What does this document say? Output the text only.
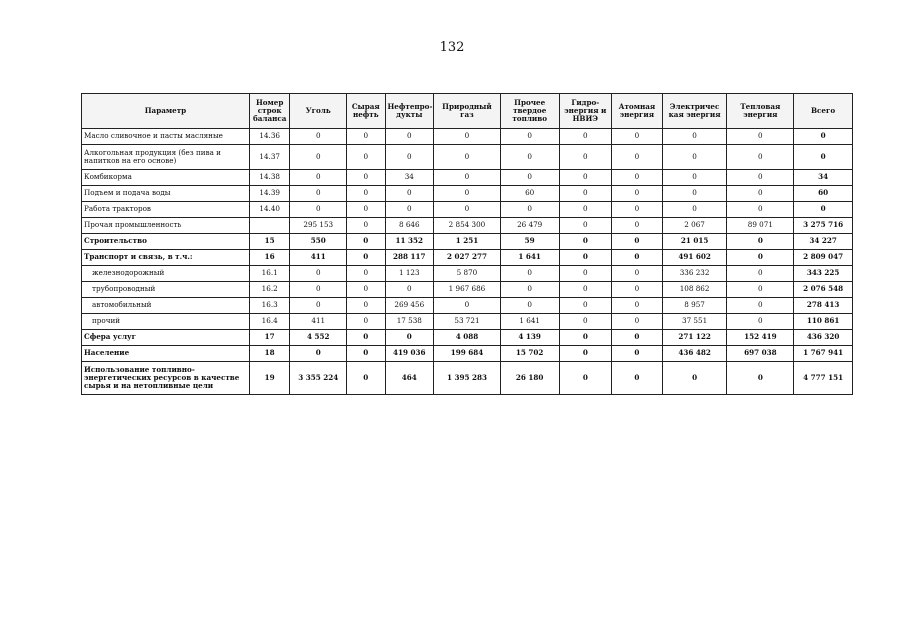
132
Параметр	Номер строк баланса	Уголь	Сырая нефть	Нефтепро-дукты	Природный газ	Прочее твердое топливо	Гидро-энергия и НВИЭ	Атомная энергия	Электричес кая энергия	Тепловая энергия	Всего
Масло сливочное и пасты масляные	14.36	0	0	0	0	0	0	0	0	0	0
Алкогольная продукция (без пива и напитков на его основе)	14.37	0	0	0	0	0	0	0	0	0	0
Комбикорма	14.38	0	0	34	0	0	0	0	0	0	34
Подъем и подача воды	14.39	0	0	0	0	60	0	0	0	0	60
Работа тракторов	14.40	0	0	0	0	0	0	0	0	0	0
Прочая промышленность		295 153	0	8 646	2 854 300	26 479	0	0	2 067	89 071	3 275 716
Строительство	15	550	0	11 352	1 251	59	0	0	21 015	0	34 227
Транспорт и связь, в т.ч.:	16	411	0	288 117	2 027 277	1 641	0	0	491 602	0	2 809 047
железнодорожный	16.1	0	0	1 123	5 870	0	0	0	336 232	0	343 225
трубопроводный	16.2	0	0	0	1 967 686	0	0	0	108 862	0	2 076 548
автомобильный	16.3	0	0	269 456	0	0	0	0	8 957	0	278 413
прочий	16.4	411	0	17 538	53 721	1 641	0	0	37 551	0	110 861
Сфера услуг	17	4 552	0	0	4 088	4 139	0	0	271 122	152 419	436 320
Население	18	0	0	419 036	199 684	15 702	0	0	436 482	697 038	1 767 941
Использование топливно-энергетических ресурсов в качестве сырья и на нетопливные цели	19	3 355 224	0	464	1 395 283	26 180	0	0	0	0	4 777 151
